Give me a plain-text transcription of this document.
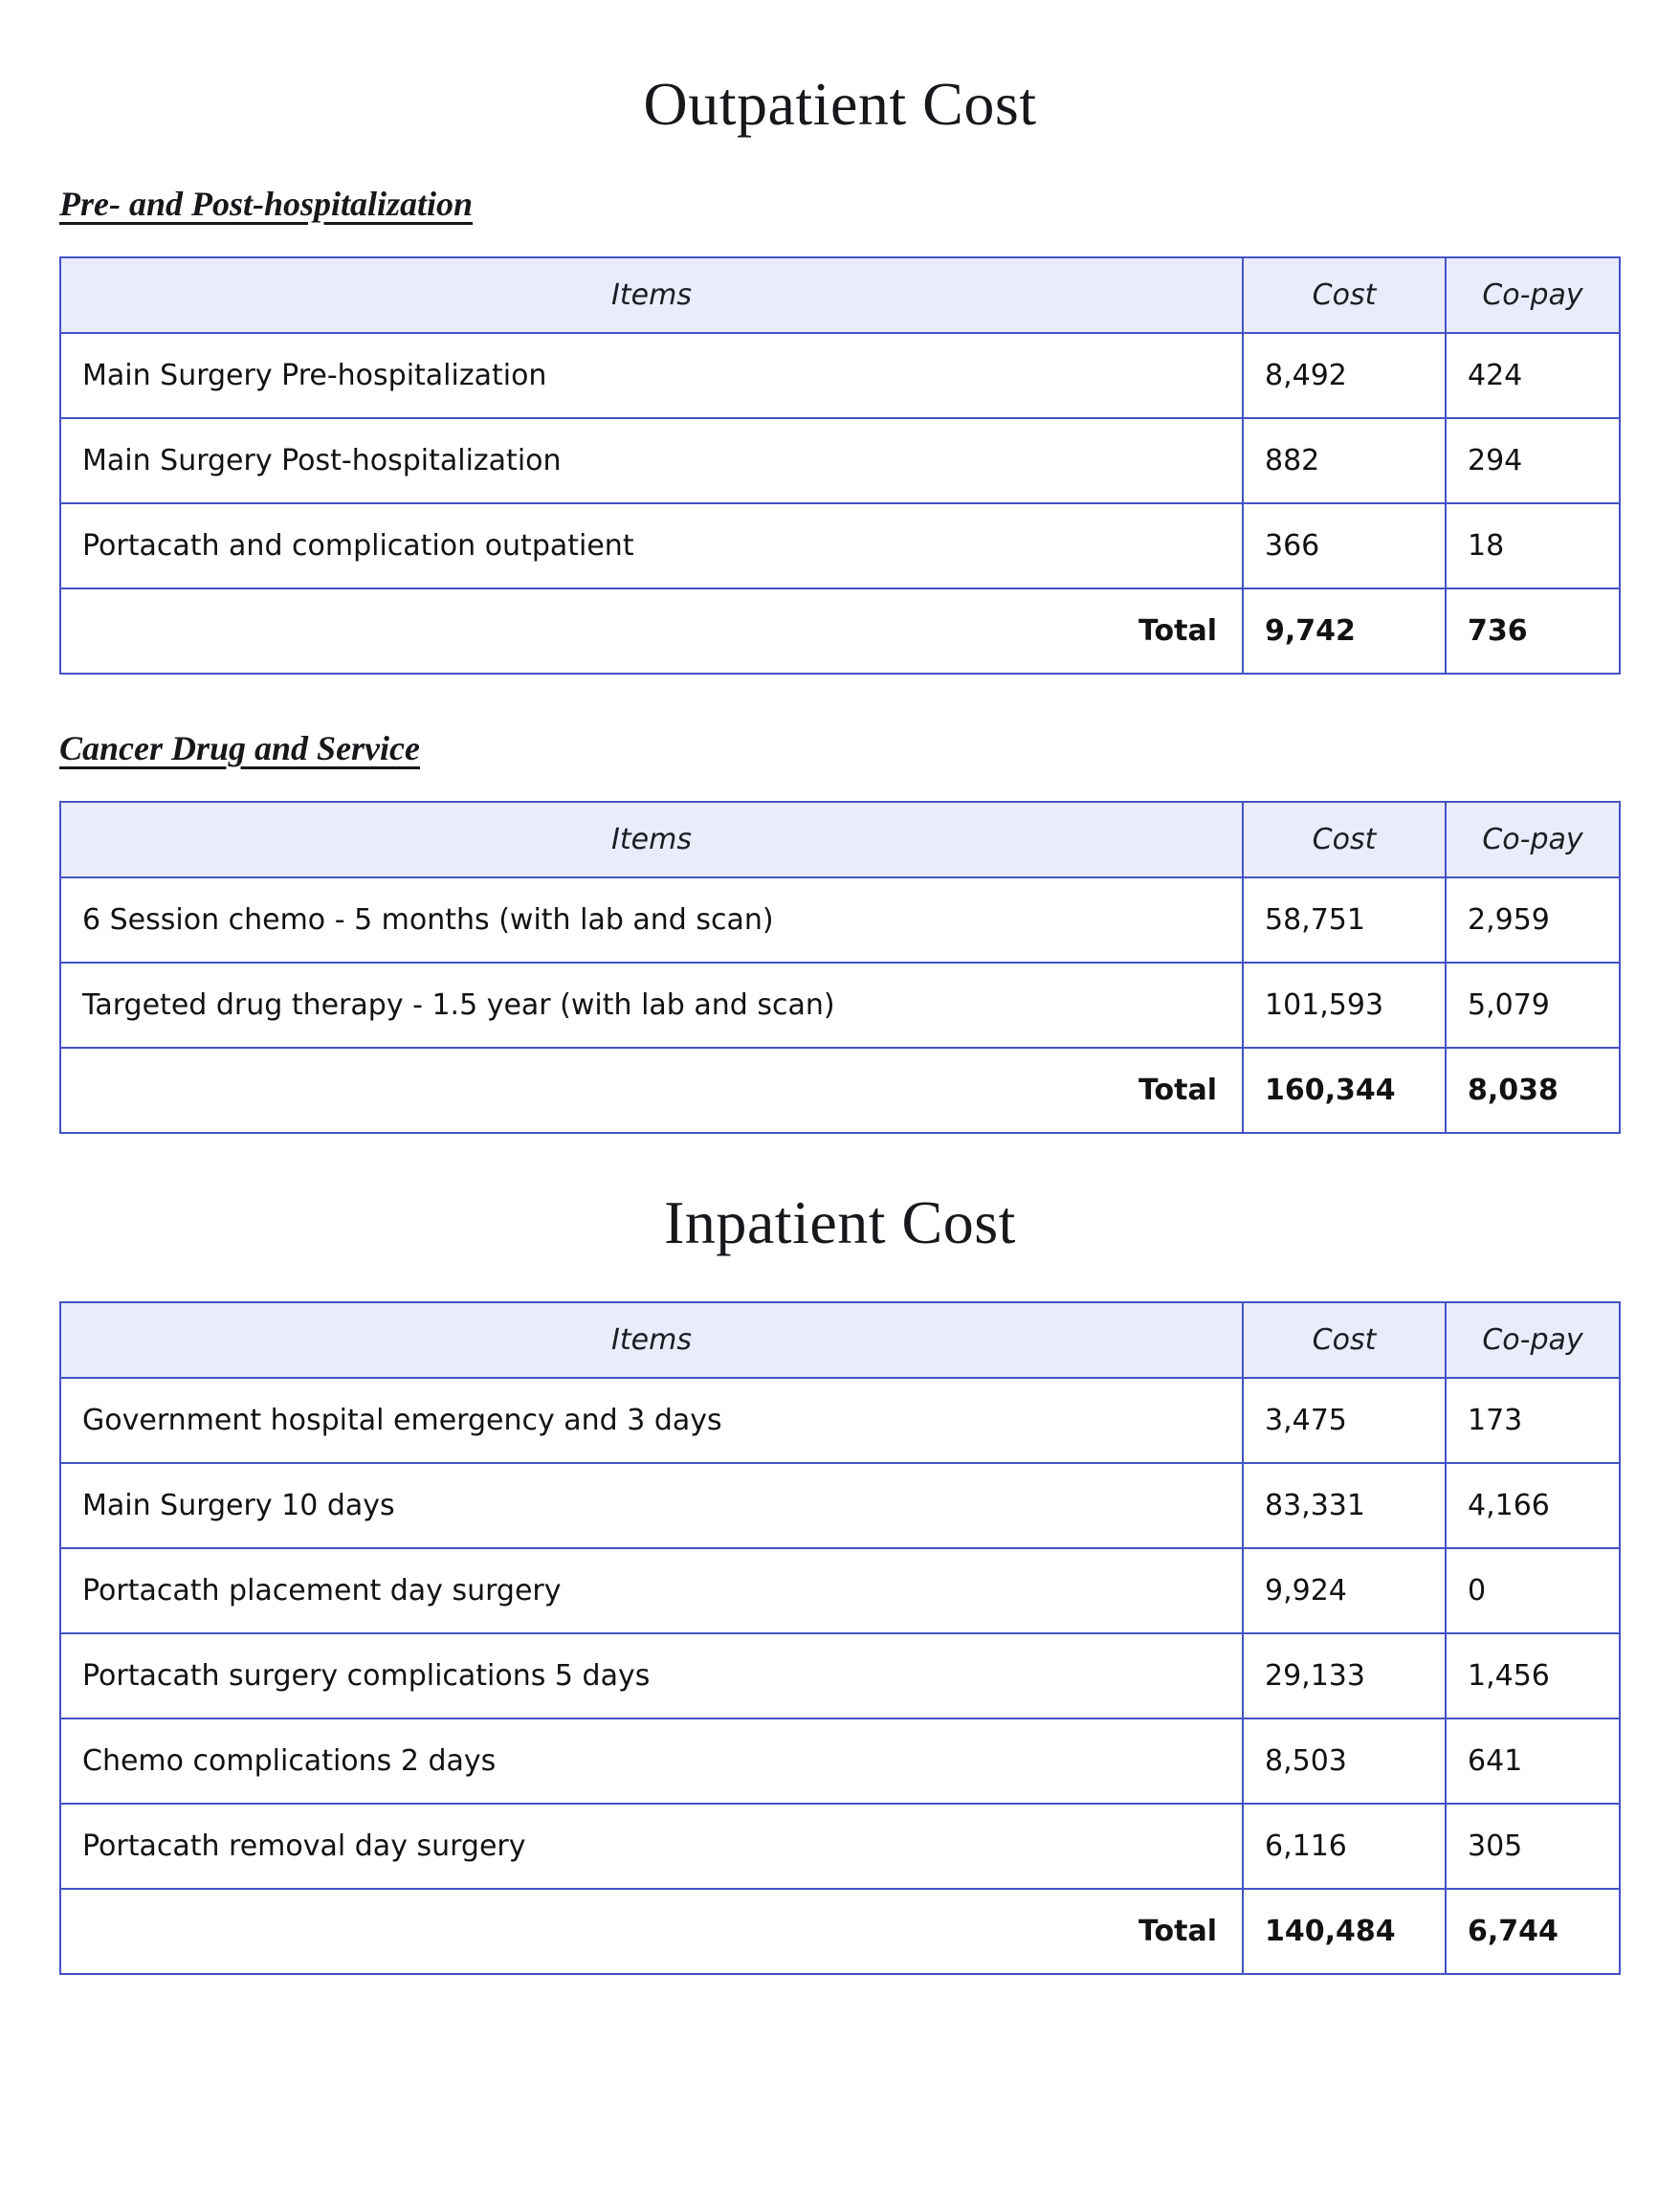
Outpatient Cost
Pre- and Post-hospitalization
Items	Cost	Co-pay
Main Surgery Pre-hospitalization	8,492	424
Main Surgery Post-hospitalization	882	294
Portacath and complication outpatient	366	18
Total	9,742	736
Cancer Drug and Service
Items	Cost	Co-pay
6 Session chemo - 5 months (with lab and scan)	58,751	2,959
Targeted drug therapy - 1.5 year (with lab and scan)	101,593	5,079
Total	160,344	8,038
Inpatient Cost
Items	Cost	Co-pay
Government hospital emergency and 3 days	3,475	173
Main Surgery 10 days	83,331	4,166
Portacath placement day surgery	9,924	0
Portacath surgery complications 5 days	29,133	1,456
Chemo complications 2 days	8,503	641
Portacath removal day surgery	6,116	305
Total	140,484	6,744
